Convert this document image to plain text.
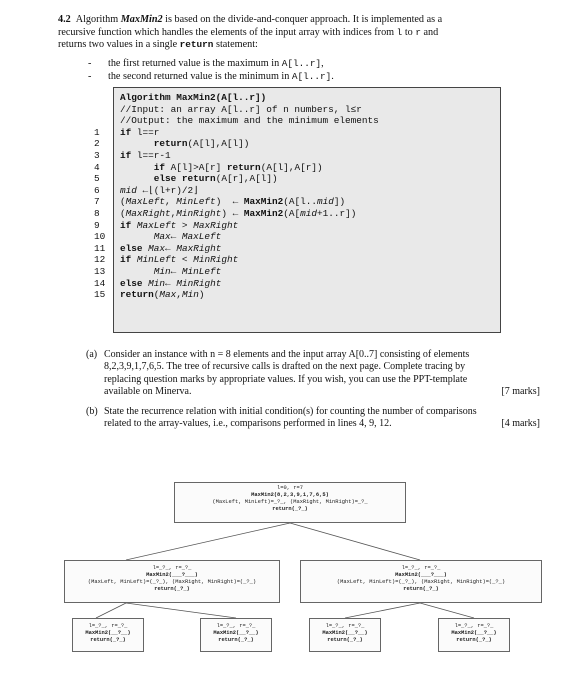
4.2 Algorithm MaxMin2 is based on the divide-and-conquer approach. It is implemented as a
recursive function which handles the elements of the input array with indices from l to r and
returns two values in a single return statement:
- the first returned value is the maximum in A[l..r],
- the second returned value is the minimum in A[l..r].
Algorithm MaxMin2(A[l..r])
//Input: an array A[l..r] of n numbers, l≤r
//Output: the maximum and the minimum elements
1	if l==r
2	return(A[l],A[l])
3	if l==r-1
4	if A[l]>A[r] return(A[l],A[r])
5	else return(A[r],A[l])
6	mid ←⌊(l+r)/2⌋
7	(MaxLeft, MinLeft)  ← MaxMin2(A[l..mid])
8	(MaxRight,MinRight) ← MaxMin2(A[mid+1..r])
9	if MaxLeft > MaxRight
10	Max← MaxLeft
11	else Max← MaxRight
12	if MinLeft < MinRight
13	Min← MinLeft
14	else Min← MinRight
15	return(Max,Min)
(a) Consider an instance with n = 8 elements and the input array A[0..7] consisting of elements
8,2,3,9,1,7,6,5. The tree of recursive calls is drafted on the next page. Complete tracing by
replacing question marks by appropriate values. If you wish, you can use the PPT-template
available on Minerva.	[7 marks]
(b) State the recurrence relation with initial condition(s) for counting the number of comparisons
related to the array-values, i.e., comparisons performed in lines 4, 9, 12.	[4 marks]
l=0, r=7
MaxMin2(8,2,3,9,1,7,6,5)
(MaxLeft, MinLeft)=_?_, (MaxRight, MinRight)=_?_
return(_?_)
l=_?_, r=_?_
MaxMin2(___?___)
(MaxLeft, MinLeft)=(_?_), (MaxRight, MinRight)=(_?_)
return(_?_)
l=_?_, r=_?_
MaxMin2(___?___)
(MaxLeft, MinLeft)=(_?_), (MaxRight, MinRight)=(_?_)
return(_?_)
l=_?_, r=_?_
MaxMin2(__?__)
return(_?_)
l=_?_, r=_?_
MaxMin2(__?__)
return(_?_)
l=_?_, r=_?_
MaxMin2(__?__)
return(_?_)
l=_?_, r=_?_
MaxMin2(__?__)
return(_?_)
